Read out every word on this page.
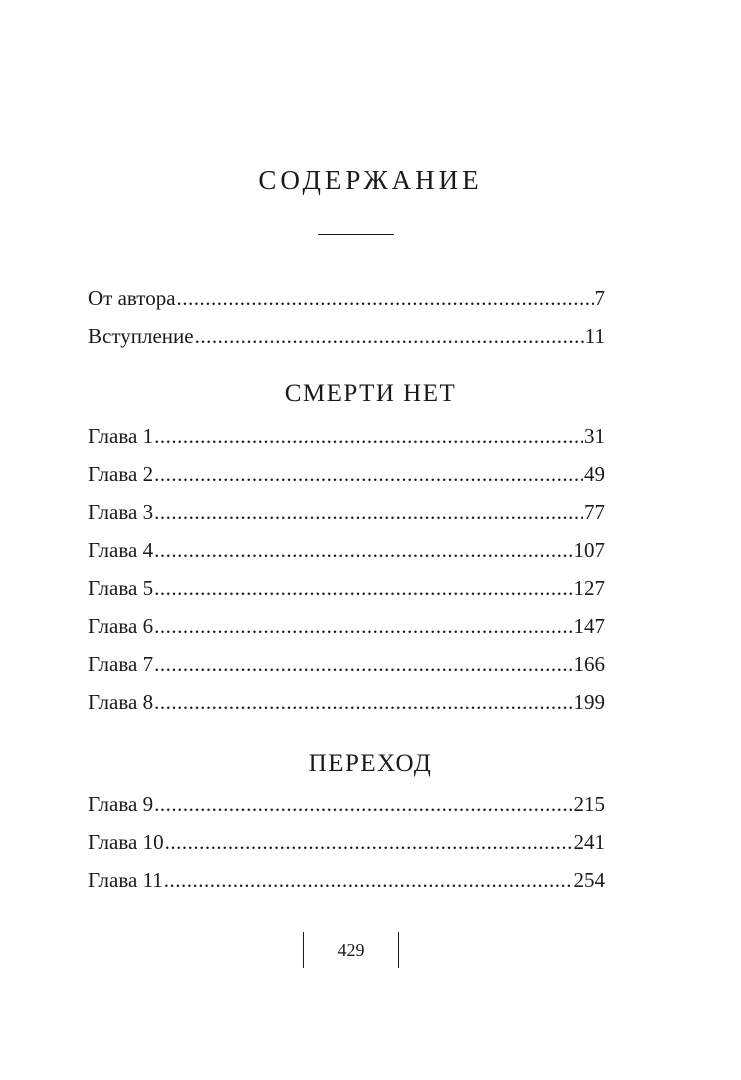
СОДЕРЖАНИЕ
От автора .....	7
Вступление .....	11
СМЕРТИ НЕТ
Глава 1 .....	31
Глава 2 .....	49
Глава 3 .....	77
Глава 4 .....	107
Глава 5 .....	127
Глава 6 .....	147
Глава 7 .....	166
Глава 8 .....	199
ПЕРЕХОД
Глава 9 .....	215
Глава 10 .....	241
Глава 11 .....	254
429
